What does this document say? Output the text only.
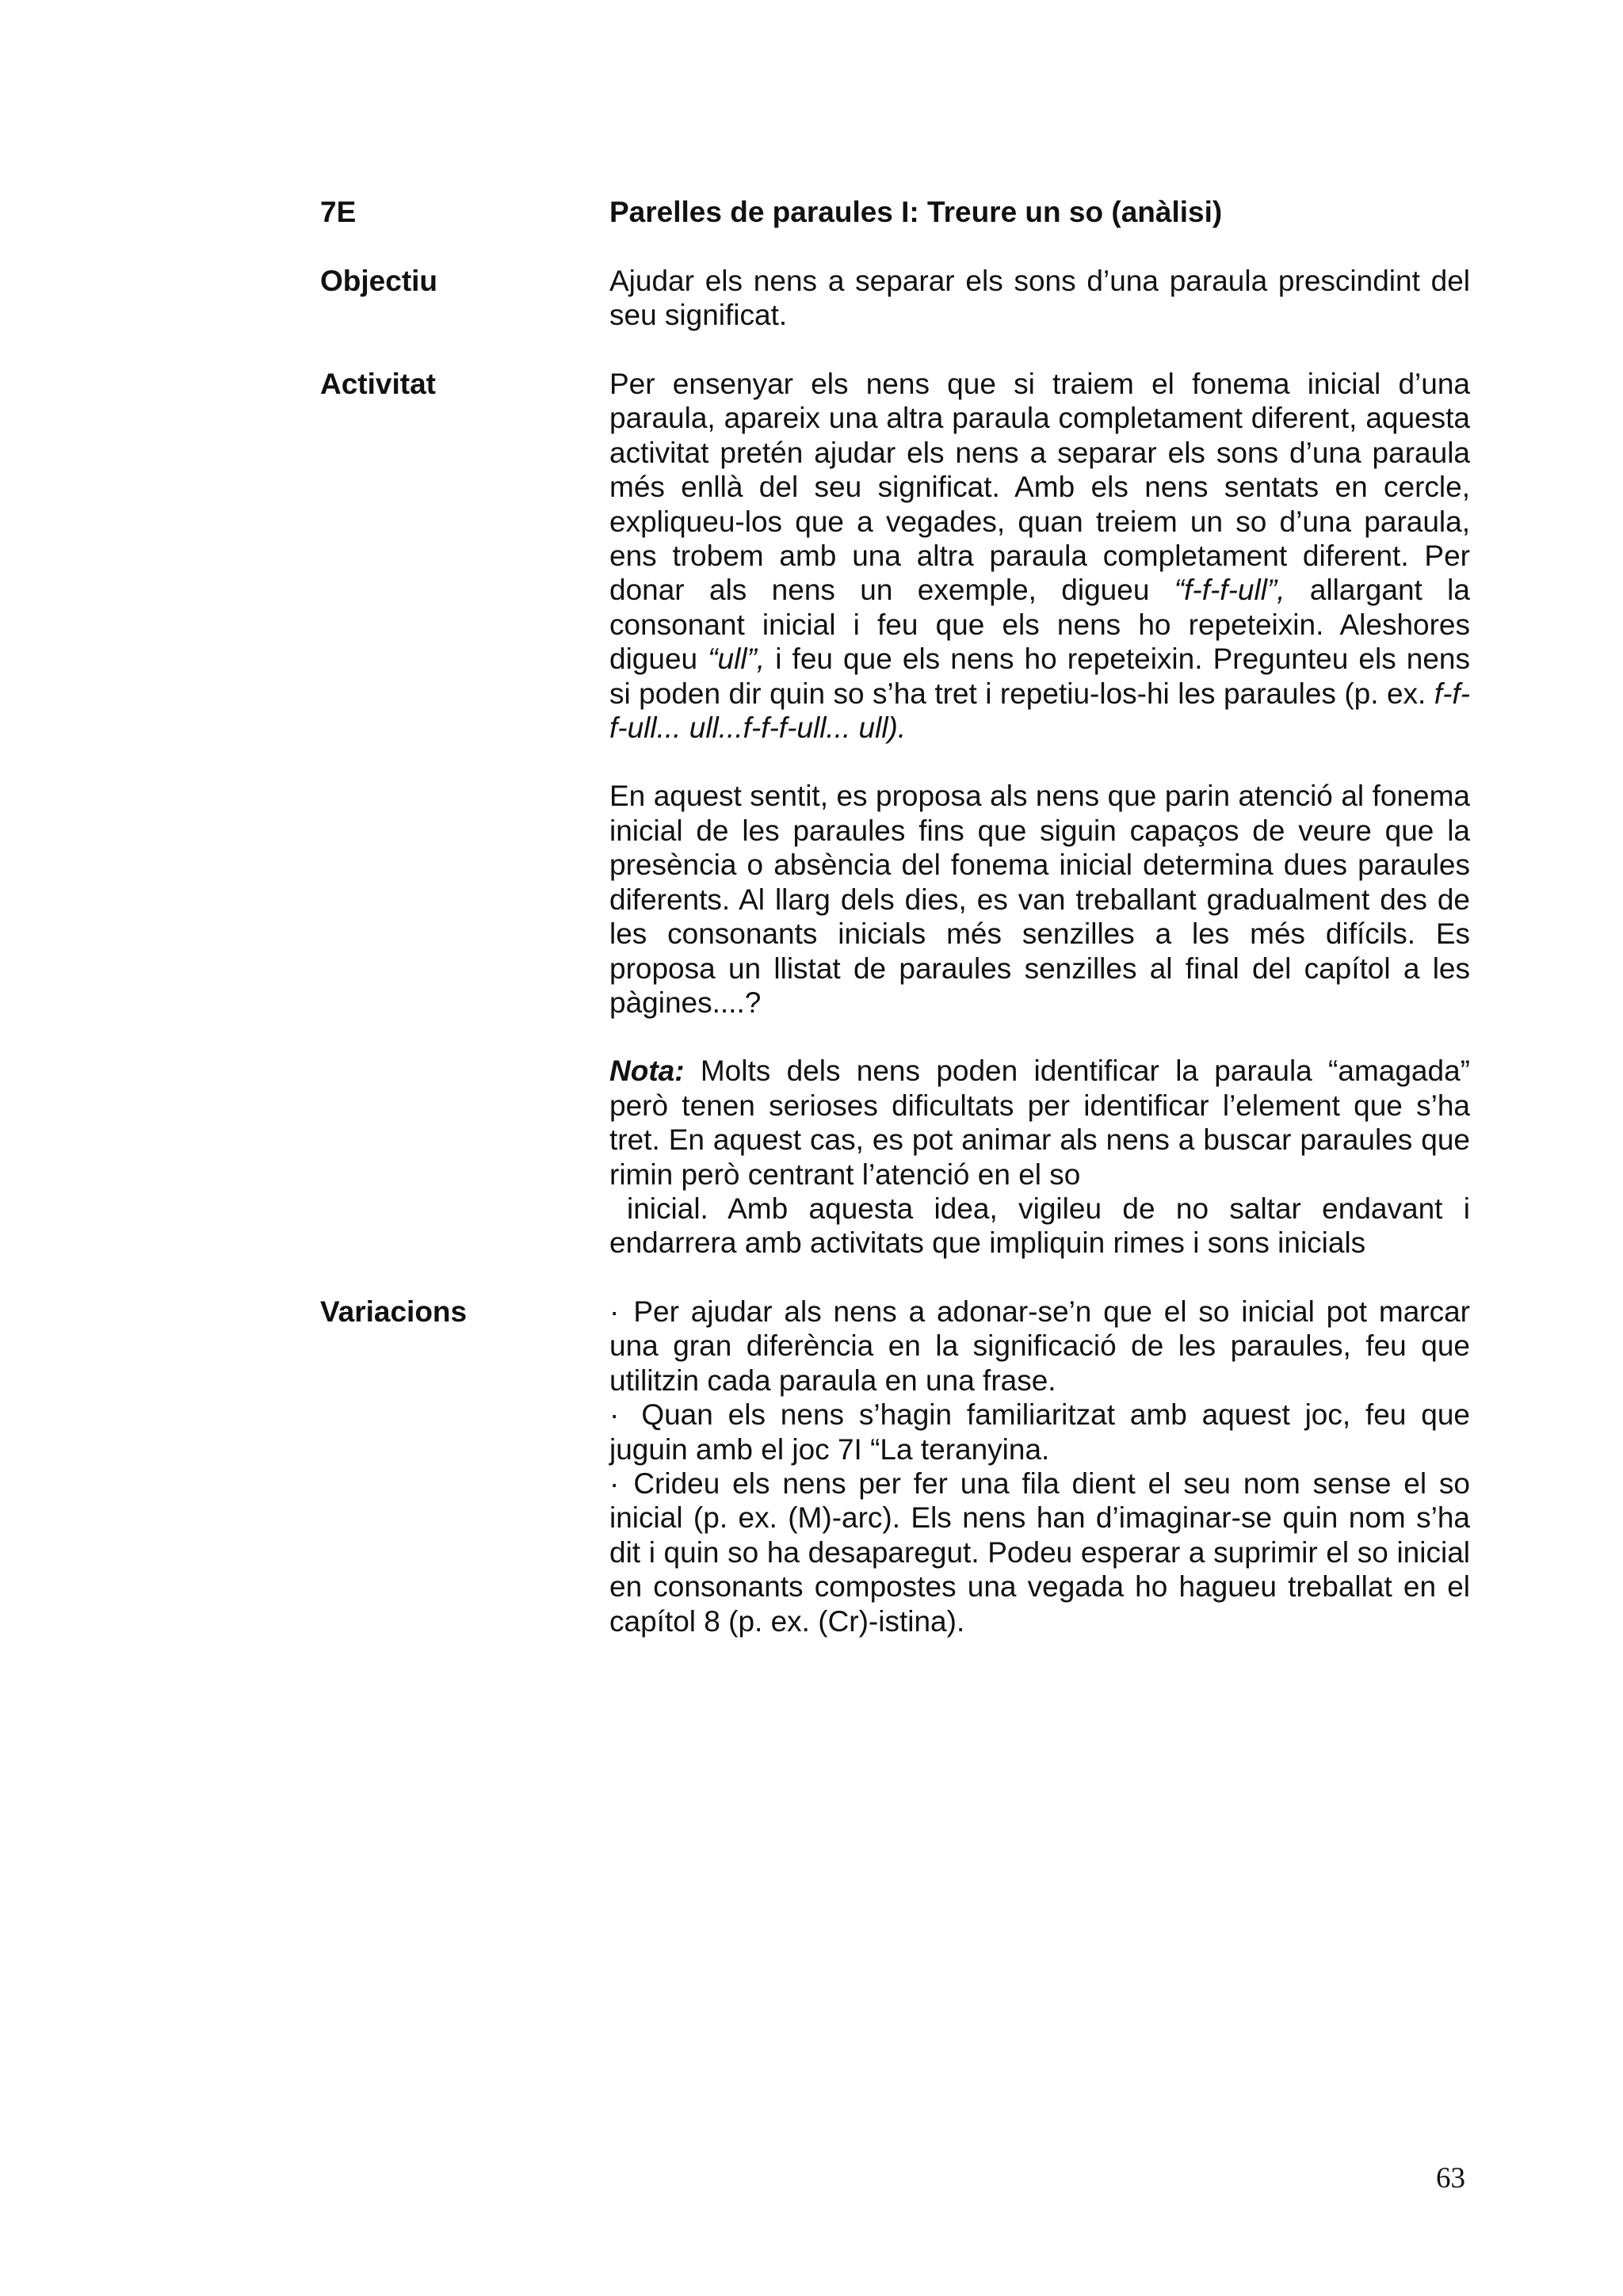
7E	Parelles de paraules I: Treure un so (anàlisi)
Objectiu	Ajudar els nens a separar els sons d’una paraula prescindint del seu significat.

Activitat	Per ensenyar els nens que si traiem el fonema inicial d’una paraula, apareix una altra paraula completament diferent, aquesta activitat pretén ajudar els nens a separar els sons d’una paraula més enllà del seu significat. Amb els nens sentats en cercle, expliqueu-los que a vegades, quan treiem un so d’una paraula, ens trobem amb una altra paraula completament diferent. Per donar als nens un exemple, digueu “f-f-f-ull”, allargant la consonant inicial i feu que els nens ho repeteixin. Aleshores digueu “ull”, i feu que els nens ho repeteixin. Pregunteu els nens si poden dir quin so s’ha tret i repetiu-los-hi les paraules (p. ex. f-f-f-ull... ull...f-f-f-ull... ull).

En aquest sentit, es proposa als nens que parin atenció al fonema inicial de les paraules fins que siguin capaços de veure que la presència o absència del fonema inicial determina dues paraules diferents. Al llarg dels dies, es van treballant gradualment des de les consonants inicials més senzilles a les més difícils. Es proposa un llistat de paraules senzilles al final del capítol a les pàgines....?

Nota: Molts dels nens poden identificar la paraula “amagada” però tenen serioses dificultats per identificar l’element que s’ha tret. En aquest cas, es pot animar als nens a buscar paraules que rimin però centrant l’atenció en el so

inicial. Amb aquesta idea, vigileu de no saltar endavant i endarrera amb activitats que impliquin rimes i sons inicials

Variacions	· Per ajudar als nens a adonar-se’n que el so inicial pot marcar una gran diferència en la significació de les paraules, feu que utilitzin cada paraula en una frase.

· Quan els nens s’hagin familiaritzat amb aquest joc, feu que juguin amb el joc 7I “La teranyina.

· Crideu els nens per fer una fila dient el seu nom sense el so inicial (p. ex. (M)-arc). Els nens han d’imaginar-se quin nom s’ha dit i quin so ha desaparegut. Podeu esperar a suprimir el so inicial en consonants compostes una vegada ho hagueu treballat en el capítol 8 (p. ex. (Cr)-istina).

63
